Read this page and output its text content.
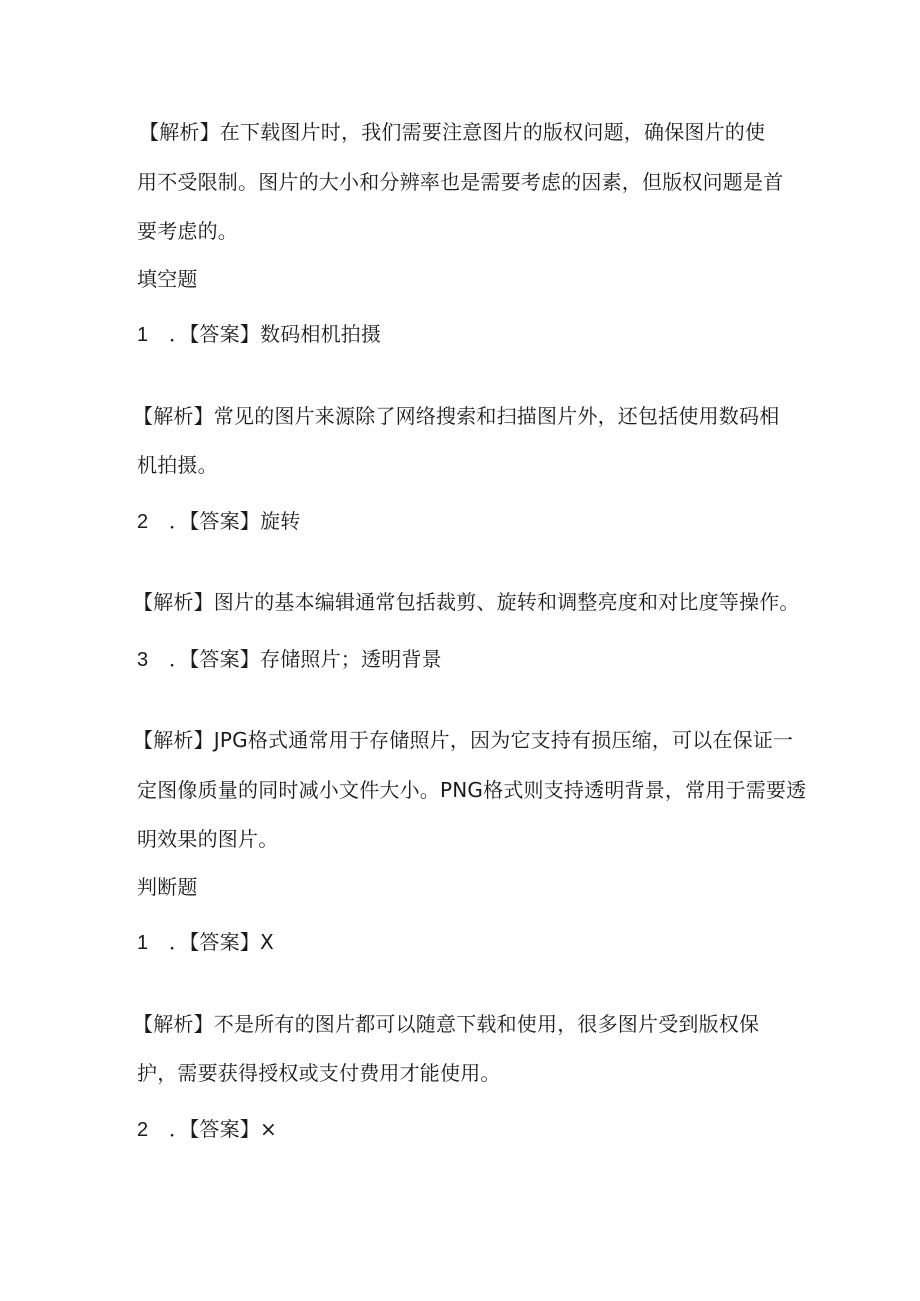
【解析】在下载图片时，我们需要注意图片的版权问题，确保图片的使
用不受限制。图片的大小和分辨率也是需要考虑的因素，但版权问题是首
要考虑的。
填空题
1 ．【答案】数码相机拍摄
【解析】常见的图片来源除了网络搜索和扫描图片外，还包括使用数码相
机拍摄。
2 ．【答案】旋转
【解析】图片的基本编辑通常包括裁剪、旋转和调整亮度和对比度等操作。
3 ．【答案】存储照片；透明背景
【解析】JPG格式通常用于存储照片，因为它支持有损压缩，可以在保证一
定图像质量的同时减小文件大小。PNG格式则支持透明背景，常用于需要透
明效果的图片。
判断题
1 ．【答案】X
【解析】不是所有的图片都可以随意下载和使用，很多图片受到版权保
护，需要获得授权或支付费用才能使用。
2 ．【答案】×
